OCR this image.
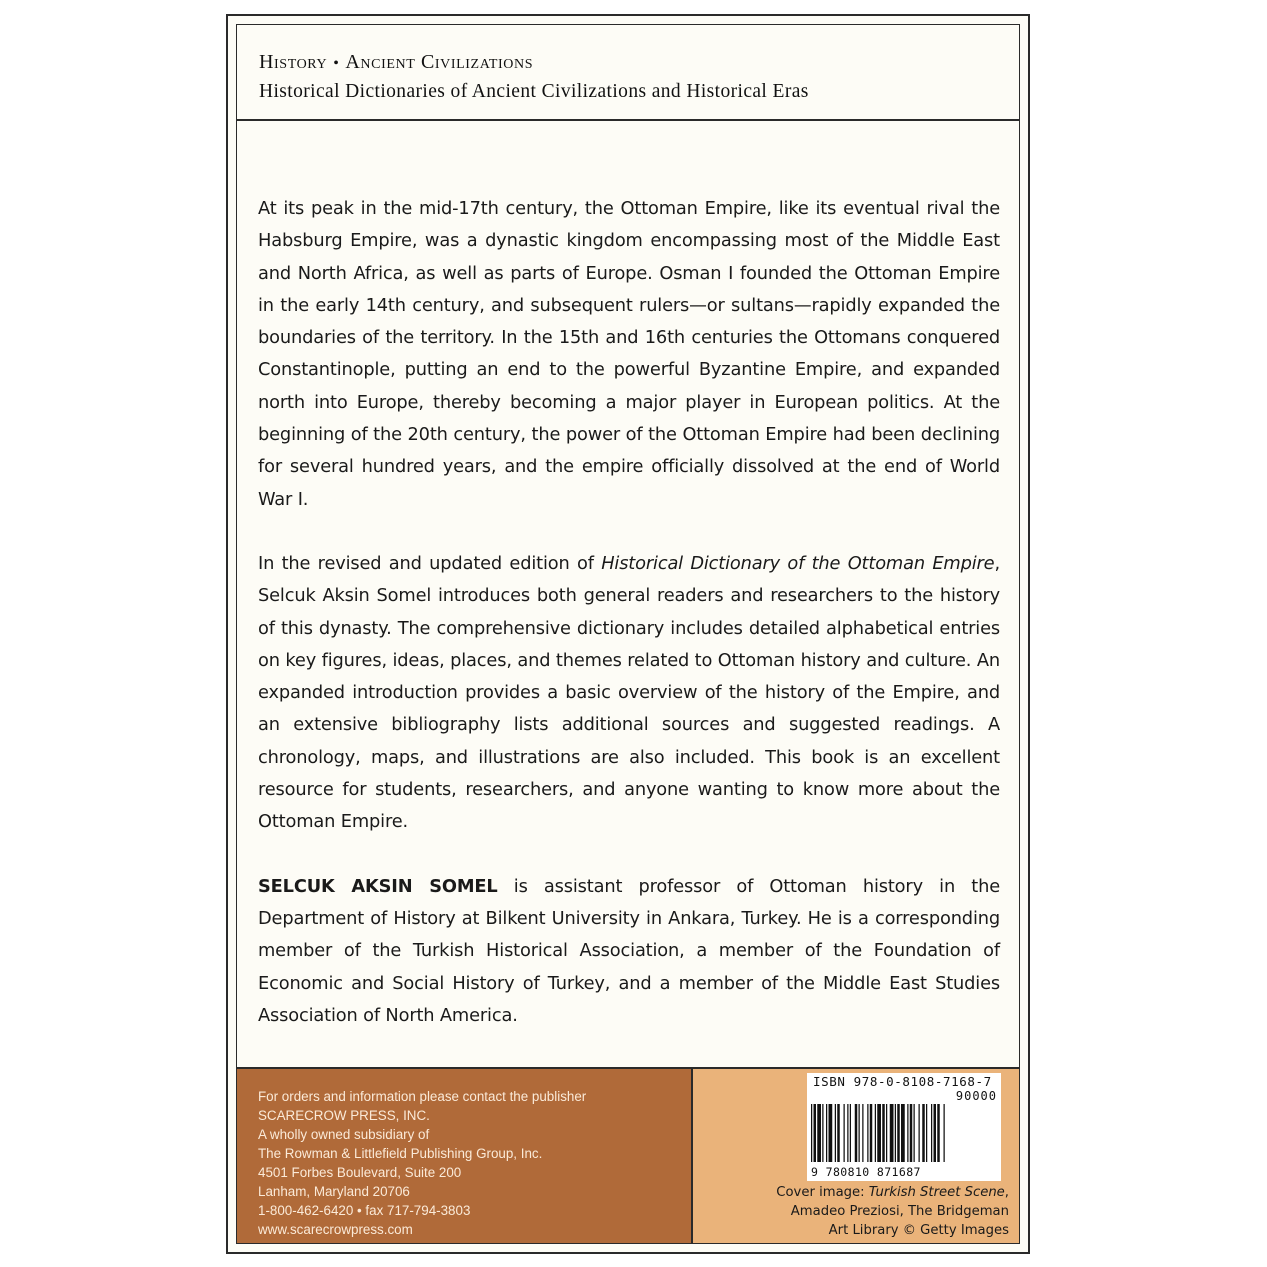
History • Ancient Civilizations
Historical Dictionaries of Ancient Civilizations and Historical Eras

At its peak in the mid-17th century, the Ottoman Empire, like its eventual rival the Habsburg Empire, was a dynastic kingdom encompassing most of the Middle East and North Africa, as well as parts of Europe. Osman I founded the Ottoman Empire in the early 14th century, and subsequent rulers—or sultans—rapidly expanded the boundaries of the territory. In the 15th and 16th centuries the Ottomans conquered Constantinople, putting an end to the powerful Byzantine Empire, and expanded north into Europe, thereby becoming a major player in European politics. At the beginning of the 20th century, the power of the Ottoman Empire had been declining for several hundred years, and the empire officially dissolved at the end of World War I.

In the revised and updated edition of Historical Dictionary of the Ottoman Empire, Selcuk Aksin Somel introduces both general readers and researchers to the history of this dynasty. The comprehensive dictionary includes detailed alphabetical entries on key figures, ideas, places, and themes related to Ottoman history and culture. An expanded introduction provides a basic overview of the history of the Empire, and an extensive bibliography lists additional sources and suggested readings. A chronology, maps, and illustrations are also included. This book is an excellent resource for students, researchers, and anyone wanting to know more about the Ottoman Empire.

SELCUK AKSIN SOMEL is assistant professor of Ottoman history in the Department of History at Bilkent University in Ankara, Turkey. He is a corresponding member of the Turkish Historical Association, a member of the Foundation of Economic and Social History of Turkey, and a member of the Middle East Studies Association of North America.

For orders and information please contact the publisher
SCARECROW PRESS, INC.
A wholly owned subsidiary of
The Rowman & Littlefield Publishing Group, Inc.
4501 Forbes Boulevard, Suite 200
Lanham, Maryland 20706
1-800-462-6420 • fax 717-794-3803
www.scarecrowpress.com
ISBN 978-0-8108-7168-7
90000
9 780810 871687
Cover image: Turkish Street Scene,
Amadeo Preziosi, The Bridgeman
Art Library © Getty Images
